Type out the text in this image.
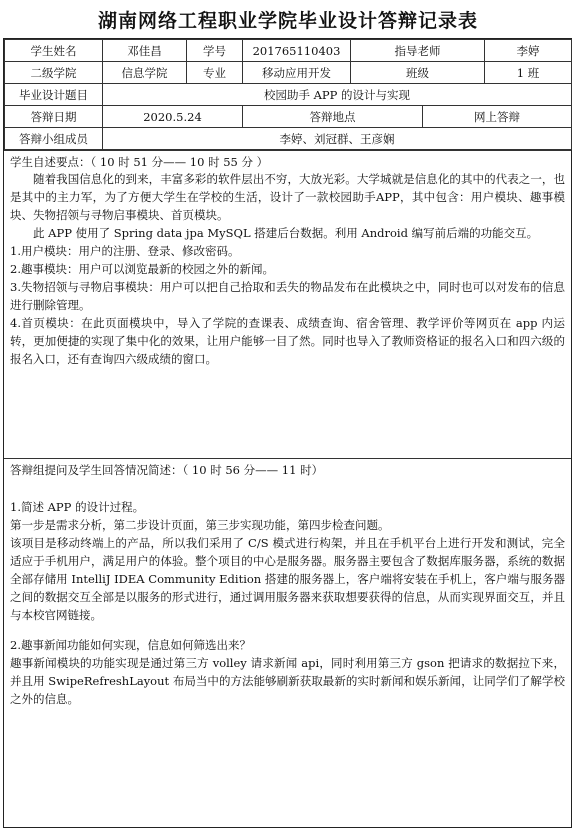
湖南网络工程职业学院毕业设计答辩记录表
学生姓名	邓佳昌	学号	201765110403	指导老师		李婷
二级学院	信息学院	专业	移动应用开发	班级		1 班
毕业设计题目	校园助手 APP 的设计与实现					
答辩日期	2020.5.24		答辩地点		网上答辩	
答辩小组成员	李婷、刘冠群、王彦娴					
学生自述要点：（ 10 时 51 分—— 10 时 55 分 ）

随着我国信息化的到来，丰富多彩的软件层出不穷，大放光彩。大学城就是信息化的其中的代表之一，也是其中的主力军，为了方便大学生在学校的生活，设计了一款校园助手APP，其中包含：用户模块、趣事模块、失物招领与寻物启事模块、首页模块。

此 APP 使用了 Spring data jpa MySQL 搭建后台数据。利用 Android 编写前后端的功能交互。

1.用户模块：用户的注册、登录、修改密码。

2.趣事模块：用户可以浏览最新的校园之外的新闻。

3.失物招领与寻物启事模块：用户可以把自己拾取和丢失的物品发布在此模块之中，同时也可以对发布的信息进行删除管理。

4.首页模块：在此页面模块中，导入了学院的查课表、成绩查询、宿舍管理、教学评价等网页在 app 内运转，更加便捷的实现了集中化的效果，让用户能够一目了然。同时也导入了教师资格证的报名入口和四六级的报名入口，还有查询四六级成绩的窗口。

答辩组提问及学生回答情况简述：（ 10 时 56 分—— 11 时）

1.简述 APP 的设计过程。

第一步是需求分析，第二步设计页面，第三步实现功能，第四步检查问题。

该项目是移动终端上的产品，所以我们采用了 C/S 模式进行构架，并且在手机平台上进行开发和测试，完全适应于手机用户，满足用户的体验。整个项目的中心是服务器。服务器主要包含了数据库服务器，系统的数据全部存储用 IntelliJ IDEA Community Edition 搭建的服务器上，客户端将安装在手机上，客户端与服务器之间的数据交互全部是以服务的形式进行，通过调用服务器来获取想要获得的信息，从而实现界面交互，并且与本校官网链接。

2.趣事新闻功能如何实现，信息如何筛选出来？

趣事新闻模块的功能实现是通过第三方 volley 请求新闻 api，同时利用第三方 gson 把请求的数据拉下来，并且用 SwipeRefreshLayout 布局当中的方法能够刷新获取最新的实时新闻和娱乐新闻，让同学们了解学校之外的信息。
